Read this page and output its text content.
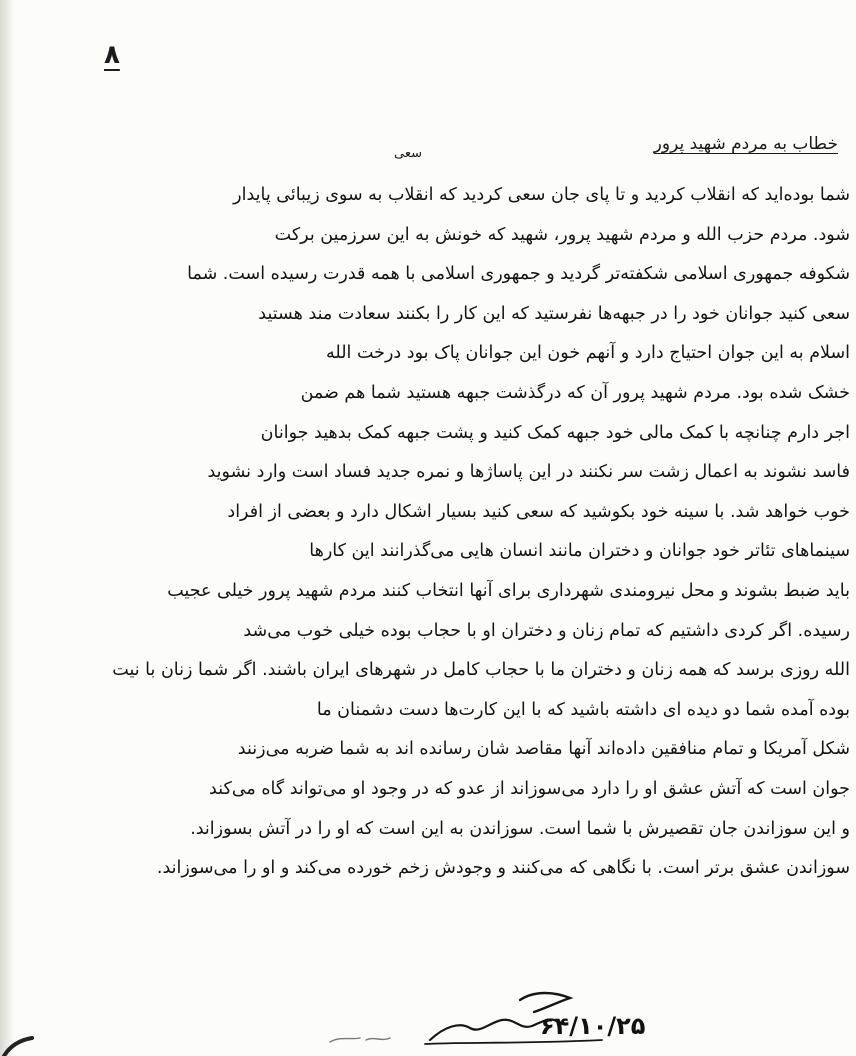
۸
سعی	خطاب به مردم شهید پرور
شما بوده‌اید که انقلاب کردید و تا پای جان سعی کردید که انقلاب به سوی زیبائی پایدار
شود. مردم حزب الله و مردم شهید پرور، شهید که خونش به این سرزمین برکت
شکوفه جمهوری اسلامی شکفته‌تر گردید و جمهوری اسلامی با همه قدرت رسیده است. شما
سعی کنید جوانان خود را در جبهه‌ها نفرستید که این کار را بکنند سعادت مند هستید
اسلام به این جوان احتیاج دارد و آنهم خون این جوانان پاک بود درخت الله
خشک شده بود. مردم شهید پرور آن که درگذشت جبهه هستید شما هم ضمن
اجر دارم چنانچه با کمک مالی خود جبهه کمک کنید و پشت جبهه کمک بدهید جوانان
فاسد نشوند به اعمال زشت سر نکنند در این پاساژها و نمره جدید فساد است وارد نشوید
خوب خواهد شد. با سینه خود بکوشید که سعی کنید بسیار اشکال دارد و بعضی از افراد
سینما‌های تئاتر خود جوانان و دختران مانند انسان هایی می‌گذرانند این کارها
باید ضبط بشوند و محل نیرومندی شهرداری برای آنها انتخاب کنند مردم شهید پرور خیلی عجیب
رسیده. اگر کردی داشتیم که تمام زنان و دختران او با حجاب بوده خیلی خوب می‌شد
الله روزی برسد که همه زنان و دختران ما با حجاب کامل در شهرهای ایران باشند. اگر شما زنان با نیت
بوده آمده شما دو دیده ای داشته باشید که با این کارت‌ها دست دشمنان ما
شکل آمریکا و تمام منافقین داده‌اند آنها مقاصد شان رسانده اند به شما ضربه می‌زنند
جوان است که آتش عشق او را دارد می‌سوزاند از عدو که در وجود او می‌تواند گاه می‌کند
و این سوزاندن جان تقصیرش با شما است. سوزاندن به این است که او را در آتش بسوزاند.
سوزاندن عشق برتر است. با نگاهی که می‌کنند و وجودش زخم خورده می‌کند و او را می‌سوزاند.
۶۴/۱۰/۲۵
